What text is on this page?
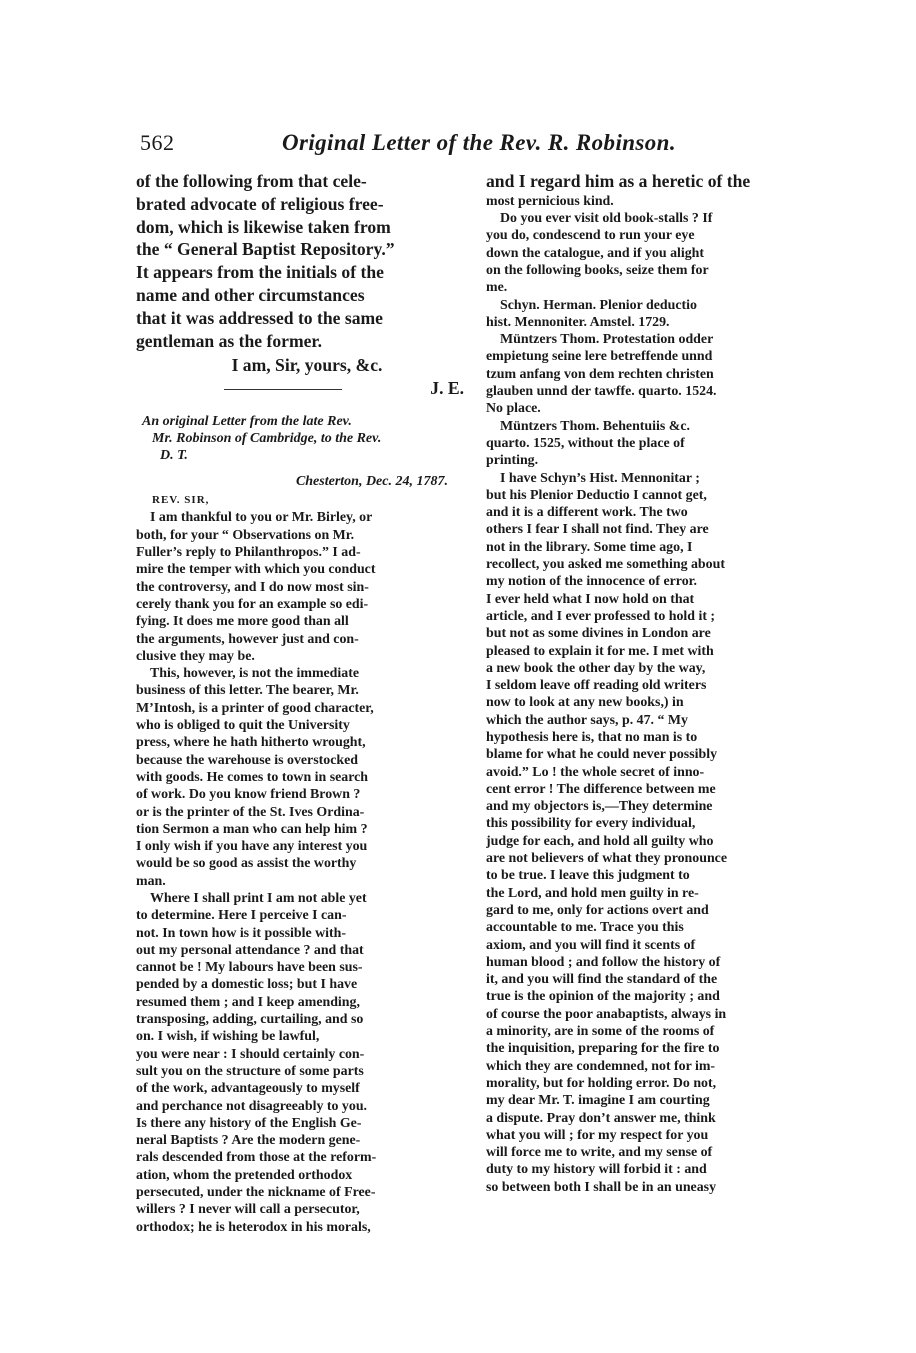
562	Original Letter of the Rev. R. Robinson.
of the following from that cele-
brated advocate of religious free-
dom, which is likewise taken from
the “ General Baptist Repository.”
It appears from the initials of the
name and other circumstances
that it was addressed to the same
gentleman as the former.
I am, Sir, yours, &c.
J. E.
An original Letter from the late Rev.
Mr. Robinson of Cambridge, to the Rev.
D. T.
Chesterton, Dec. 24, 1787.
REV. SIR,
I am thankful to you or Mr. Birley, or
both, for your “ Observations on Mr.
Fuller’s reply to Philanthropos.” I ad-
mire the temper with which you conduct
the controversy, and I do now most sin-
cerely thank you for an example so edi-
fying. It does me more good than all
the arguments, however just and con-
clusive they may be.
This, however, is not the immediate
business of this letter. The bearer, Mr.
M’Intosh, is a printer of good character,
who is obliged to quit the University
press, where he hath hitherto wrought,
because the warehouse is overstocked
with goods. He comes to town in search
of work. Do you know friend Brown ?
or is the printer of the St. Ives Ordina-
tion Sermon a man who can help him ?
I only wish if you have any interest you
would be so good as assist the worthy
man.
Where I shall print I am not able yet
to determine. Here I perceive I can-
not. In town how is it possible with-
out my personal attendance ? and that
cannot be ! My labours have been sus-
pended by a domestic loss; but I have
resumed them ; and I keep amending,
transposing, adding, curtailing, and so
on. I wish, if wishing be lawful,
you were near : I should certainly con-
sult you on the structure of some parts
of the work, advantageously to myself
and perchance not disagreeably to you.
Is there any history of the English Ge-
neral Baptists ? Are the modern gene-
rals descended from those at the reform-
ation, whom the pretended orthodox
persecuted, under the nickname of Free-
willers ? I never will call a persecutor,
orthodox; he is heterodox in his morals,
and I regard him as a heretic of the
most pernicious kind.
Do you ever visit old book-stalls ? If
you do, condescend to run your eye
down the catalogue, and if you alight
on the following books, seize them for
me.
Schyn. Herman. Plenior deductio
hist. Mennoniter. Amstel. 1729.
Müntzers Thom. Protestation odder
empietung seine lere betreffende unnd
tzum anfang von dem rechten christen
glauben unnd der tawffe. quarto. 1524.
No place.
Müntzers Thom. Behentuiis &c.
quarto. 1525, without the place of
printing.
I have Schyn’s Hist. Mennonitar ;
but his Plenior Deductio I cannot get,
and it is a different work. The two
others I fear I shall not find. They are
not in the library. Some time ago, I
recollect, you asked me something about
my notion of the innocence of error.
I ever held what I now hold on that
article, and I ever professed to hold it ;
but not as some divines in London are
pleased to explain it for me. I met with
a new book the other day by the way,
I seldom leave off reading old writers
now to look at any new books,) in
which the author says, p. 47. “ My
hypothesis here is, that no man is to
blame for what he could never possibly
avoid.” Lo ! the whole secret of inno-
cent error ! The difference between me
and my objectors is,—They determine
this possibility for every individual,
judge for each, and hold all guilty who
are not believers of what they pronounce
to be true. I leave this judgment to
the Lord, and hold men guilty in re-
gard to me, only for actions overt and
accountable to me. Trace you this
axiom, and you will find it scents of
human blood ; and follow the history of
it, and you will find the standard of the
true is the opinion of the majority ; and
of course the poor anabaptists, always in
a minority, are in some of the rooms of
the inquisition, preparing for the fire to
which they are condemned, not for im-
morality, but for holding error. Do not,
my dear Mr. T. imagine I am courting
a dispute. Pray don’t answer me, think
what you will ; for my respect for you
will force me to write, and my sense of
duty to my history will forbid it : and
so between both I shall be in an uneasy
